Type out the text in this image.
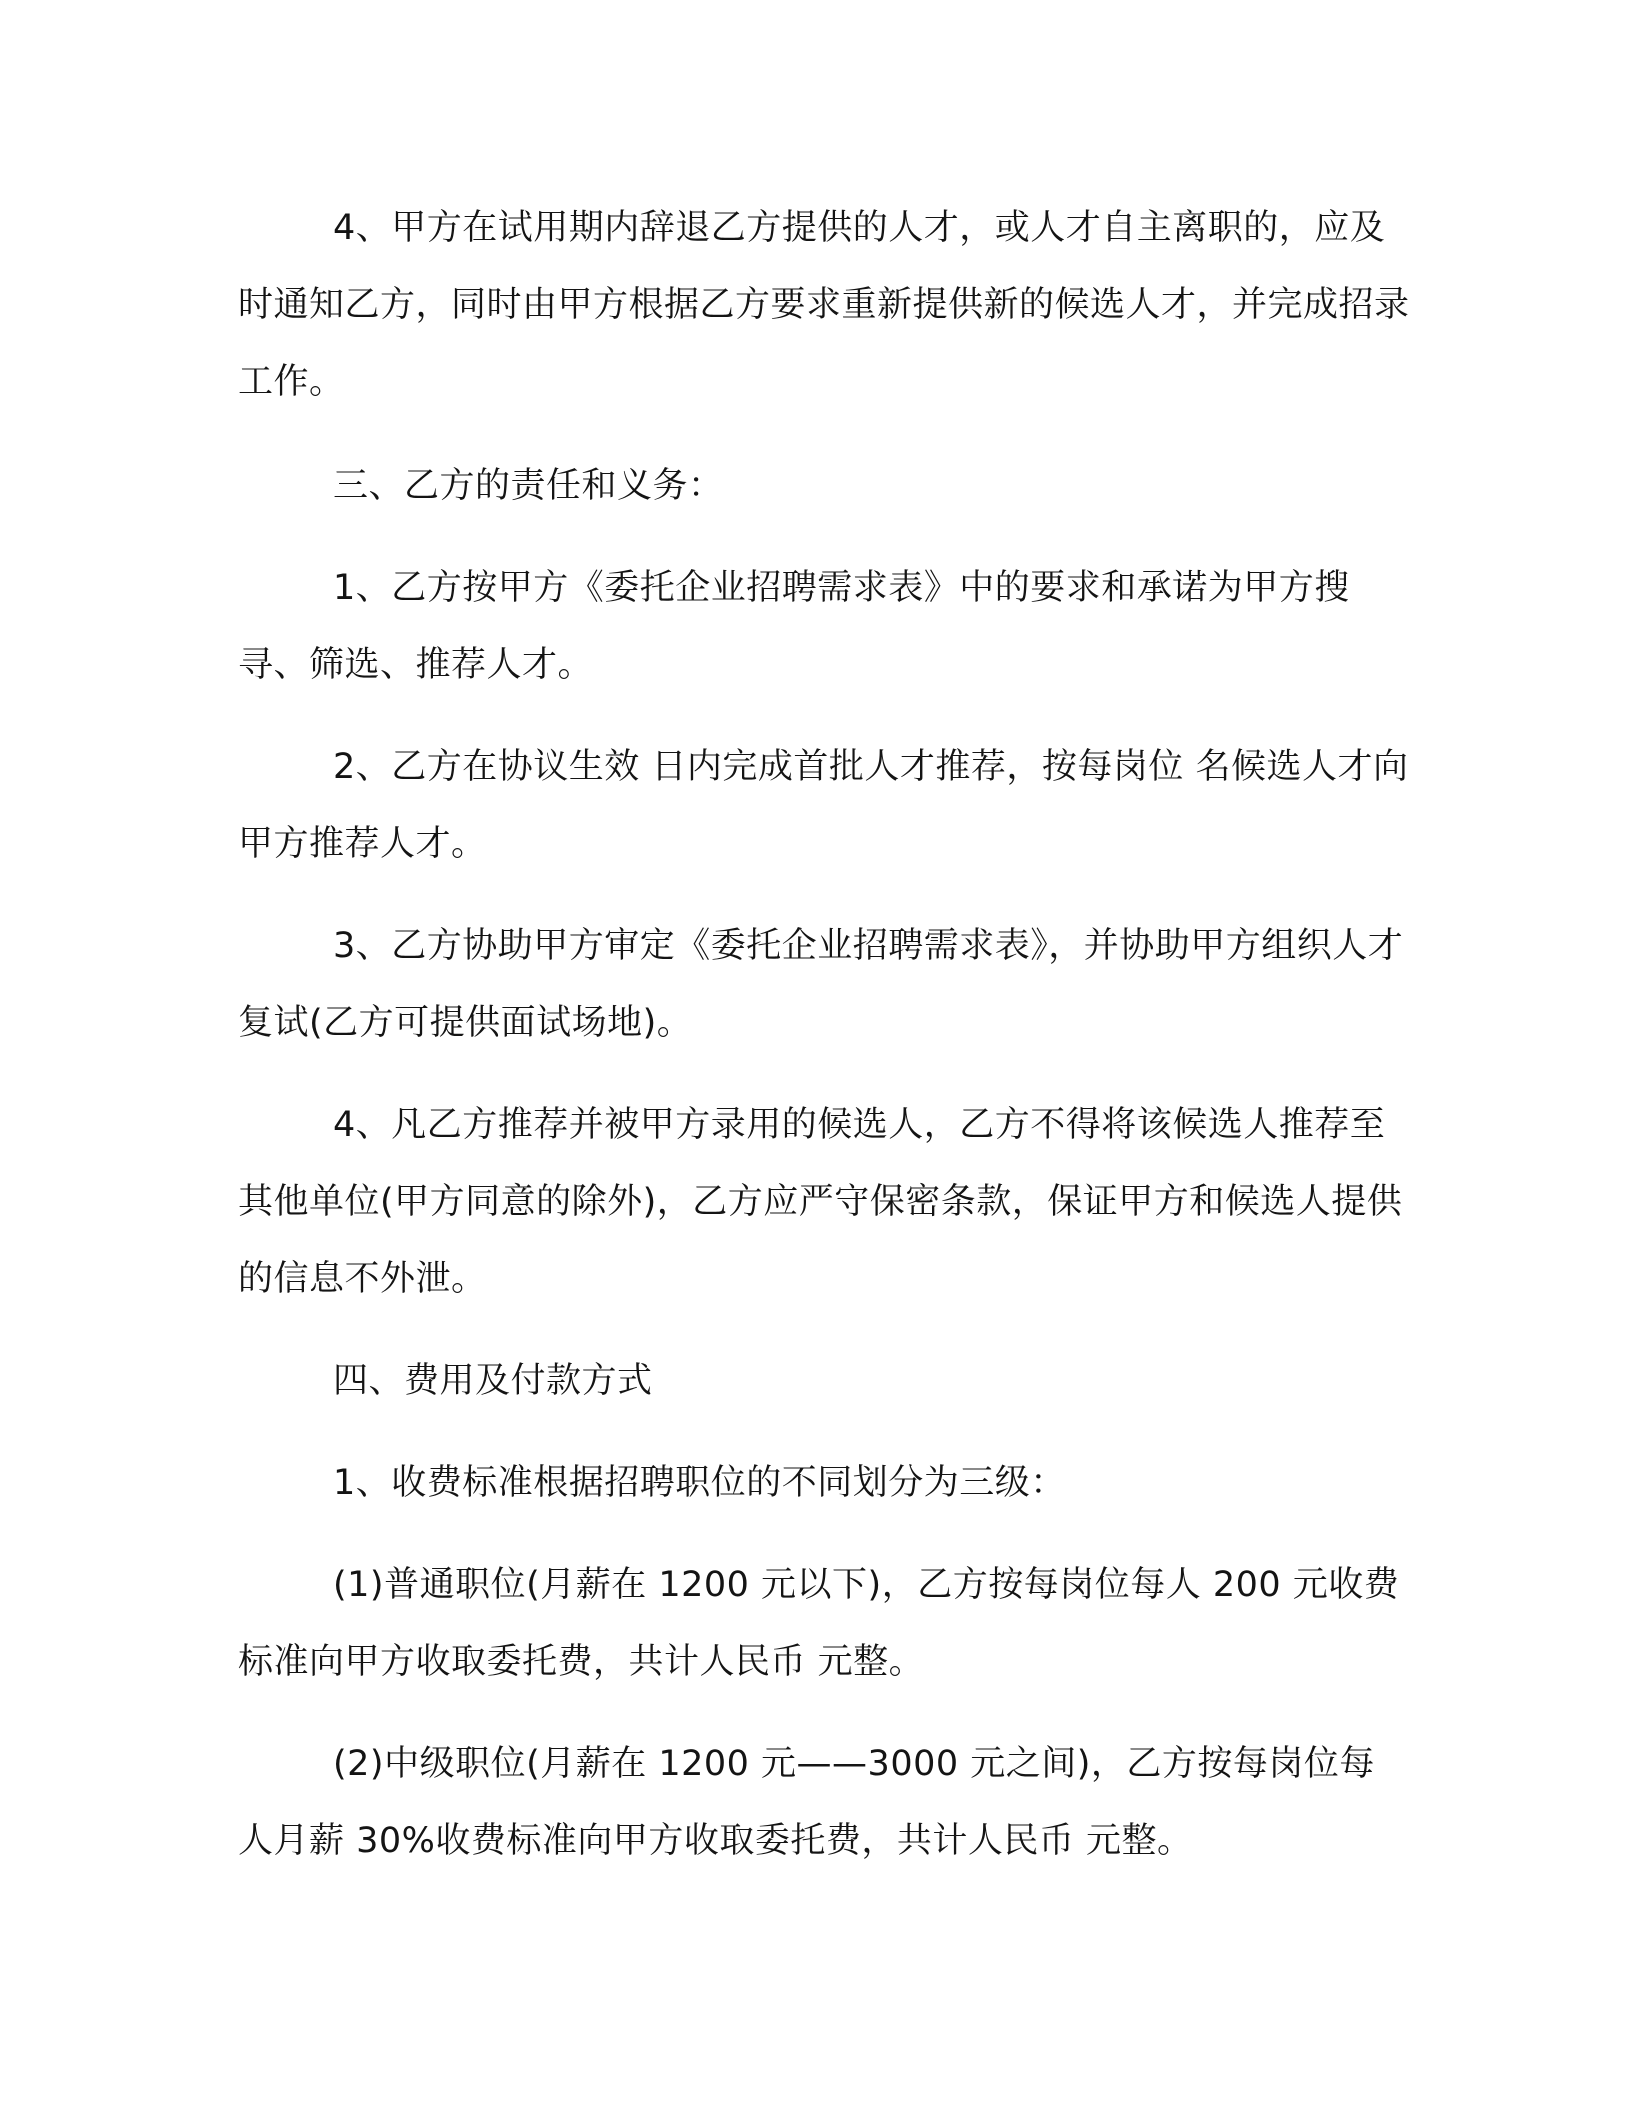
4、甲方在试用期内辞退乙方提供的人才，或人才自主离职的，应及时通知乙方，同时由甲方根据乙方要求重新提供新的候选人才，并完成招录工作。

三、乙方的责任和义务：

1、乙方按甲方《委托企业招聘需求表》中的要求和承诺为甲方搜寻、筛选、推荐人才。

2、乙方在协议生效 日内完成首批人才推荐，按每岗位 名候选人才向甲方推荐人才。

3、乙方协助甲方审定《委托企业招聘需求表》，并协助甲方组织人才复试(乙方可提供面试场地)。

4、凡乙方推荐并被甲方录用的候选人，乙方不得将该候选人推荐至其他单位(甲方同意的除外)，乙方应严守保密条款，保证甲方和候选人提供的信息不外泄。

四、费用及付款方式

1、收费标准根据招聘职位的不同划分为三级：

(1)普通职位(月薪在 1200 元以下)，乙方按每岗位每人 200 元收费标准向甲方收取委托费，共计人民币 元整。

(2)中级职位(月薪在 1200 元——3000 元之间)，乙方按每岗位每人月薪 30%收费标准向甲方收取委托费，共计人民币 元整。
